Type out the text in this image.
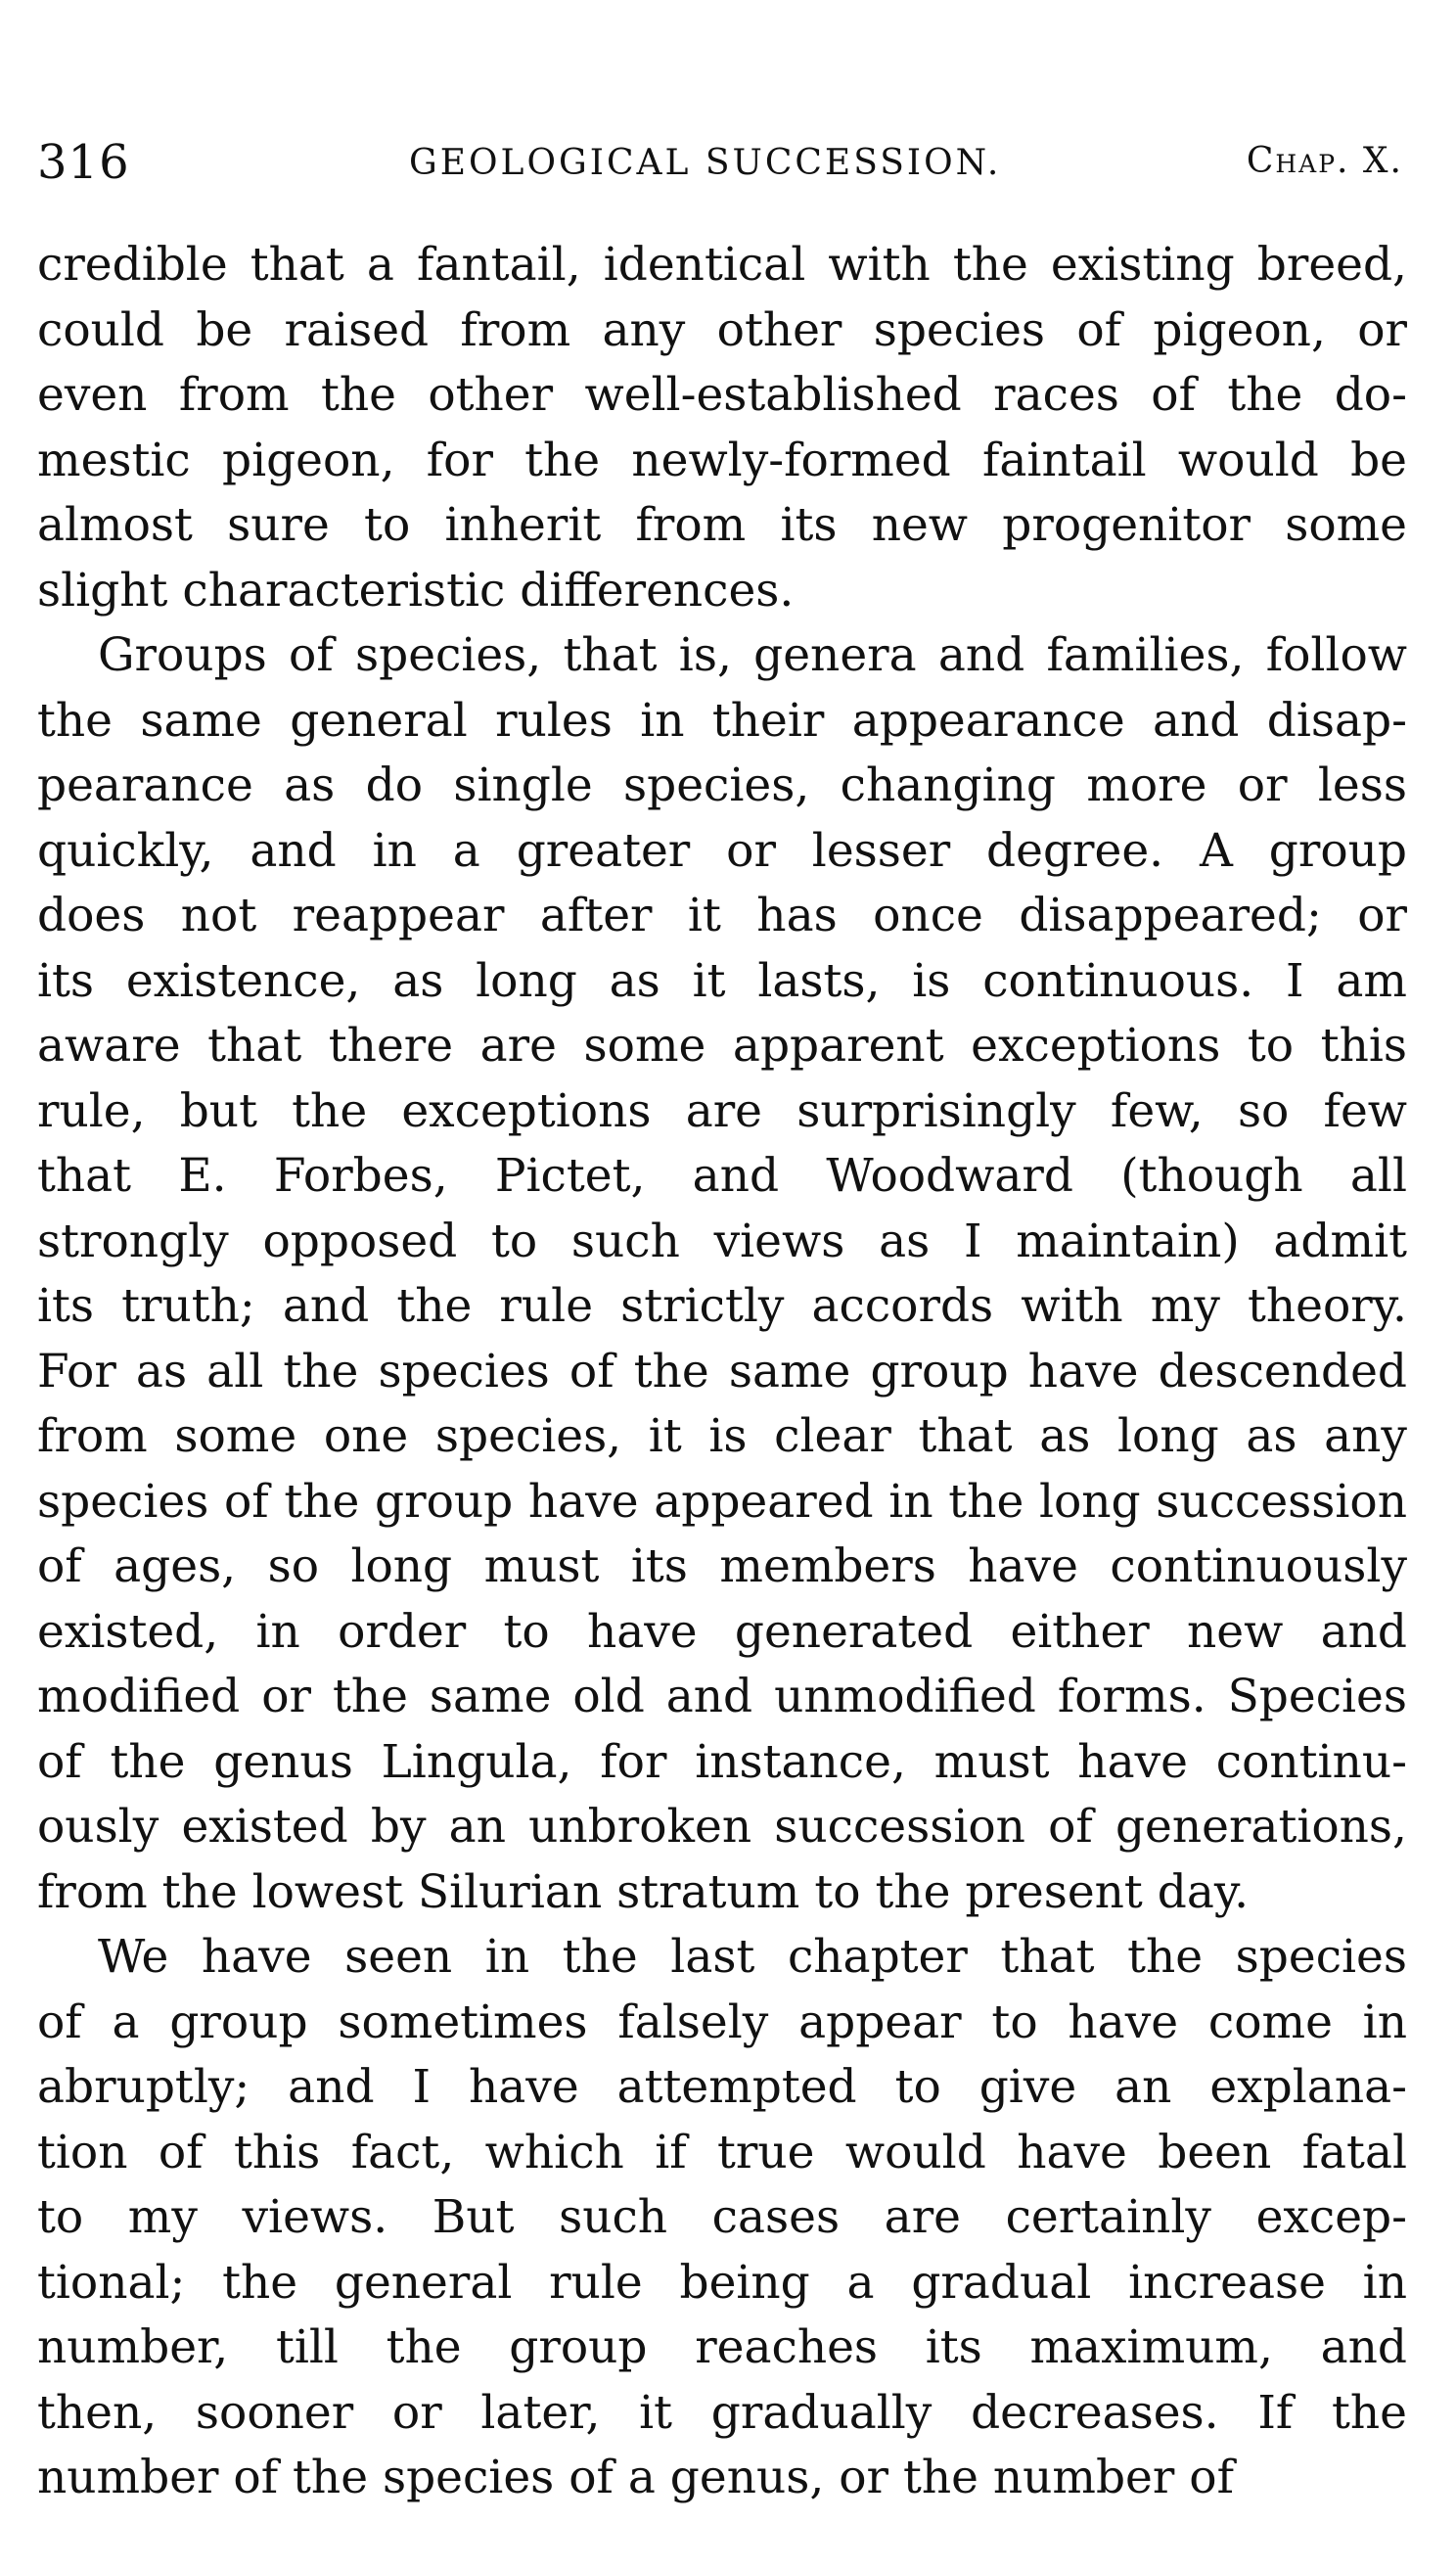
316	GEOLOGICAL SUCCESSION.	Chap. X.
credible that a fantail, identical with the existing breed,
could be raised from any other species of pigeon, or
even from the other well-established races of the do-
mestic pigeon, for the newly-formed faintail would be
almost sure to inherit from its new progenitor some
slight characteristic differences.
Groups of species, that is, genera and families, follow
the same general rules in their appearance and disap-
pearance as do single species, changing more or less
quickly, and in a greater or lesser degree. A group
does not reappear after it has once disappeared; or
its existence, as long as it lasts, is continuous. I am
aware that there are some apparent exceptions to this
rule, but the exceptions are surprisingly few, so few
that E. Forbes, Pictet, and Woodward (though all
strongly opposed to such views as I maintain) admit
its truth; and the rule strictly accords with my theory.
For as all the species of the same group have descended
from some one species, it is clear that as long as any
species of the group have appeared in the long succession
of ages, so long must its members have continuously
existed, in order to have generated either new and
modified or the same old and unmodified forms. Species
of the genus Lingula, for instance, must have continu-
ously existed by an unbroken succession of generations,
from the lowest Silurian stratum to the present day.
We have seen in the last chapter that the species
of a group sometimes falsely appear to have come in
abruptly; and I have attempted to give an explana-
tion of this fact, which if true would have been fatal
to my views. But such cases are certainly excep-
tional; the general rule being a gradual increase in
number, till the group reaches its maximum, and
then, sooner or later, it gradually decreases. If the
number of the species of a genus, or the number of
